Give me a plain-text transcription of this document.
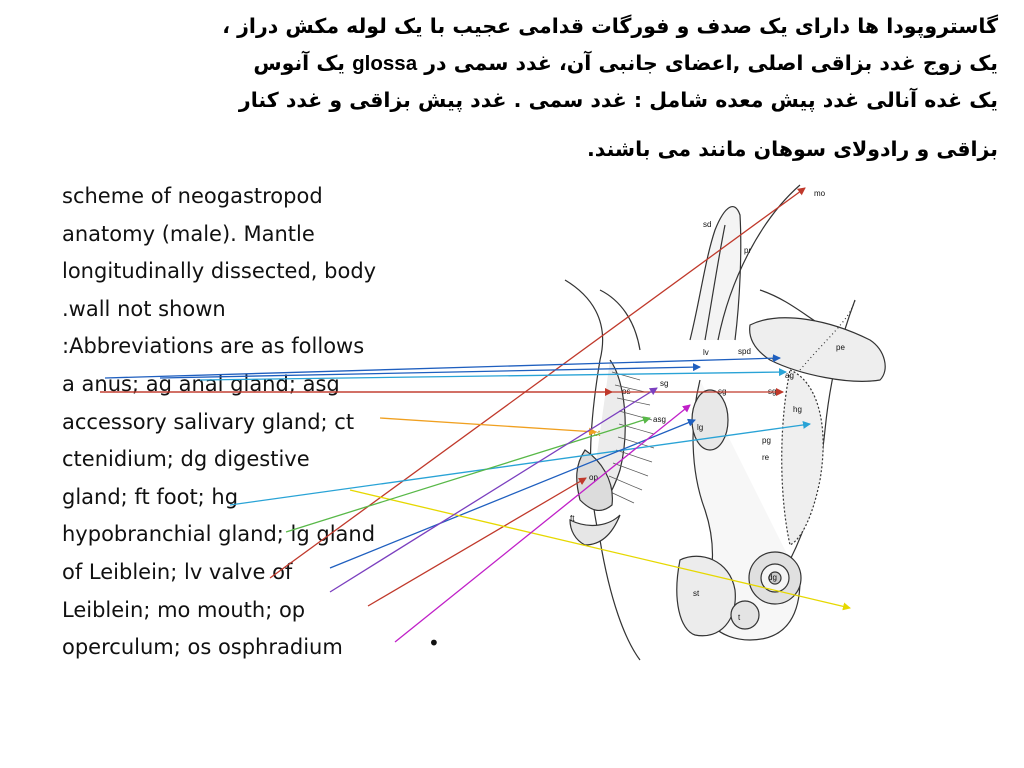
گاستروپودا ها دارای یک صدف و فورگات قدامی عجیب با یک لوله مکش دراز ،
یک زوج غدد بزاقی اصلی ,اعضای جانبی آن، غدد سمی در glossa یک آنوس
یک غده آنالی غدد پیش معده شامل : غدد سمی . غدد پیش بزاقی و غدد کنار
بزاقی و رادولای سوهان مانند می باشند.
scheme of neogastropod
anatomy (male). Mantle
longitudinally dissected, body
.wall not shown
:Abbreviations are as follows
a anus; ag anal gland; asg
accessory salivary gland; ct
ctenidium; dg digestive
gland; ft foot; hg
hypobranchial gland; lg gland
of Leiblein; lv valve of
Leiblein; mo mouth; op
operculum; os osphradium	•
mo
sd
pr
pe
lv	spd
a
sg
sg
os
ag
sg
hg
asg
lg
ct
pg
re
op
ft
dg
st
t
